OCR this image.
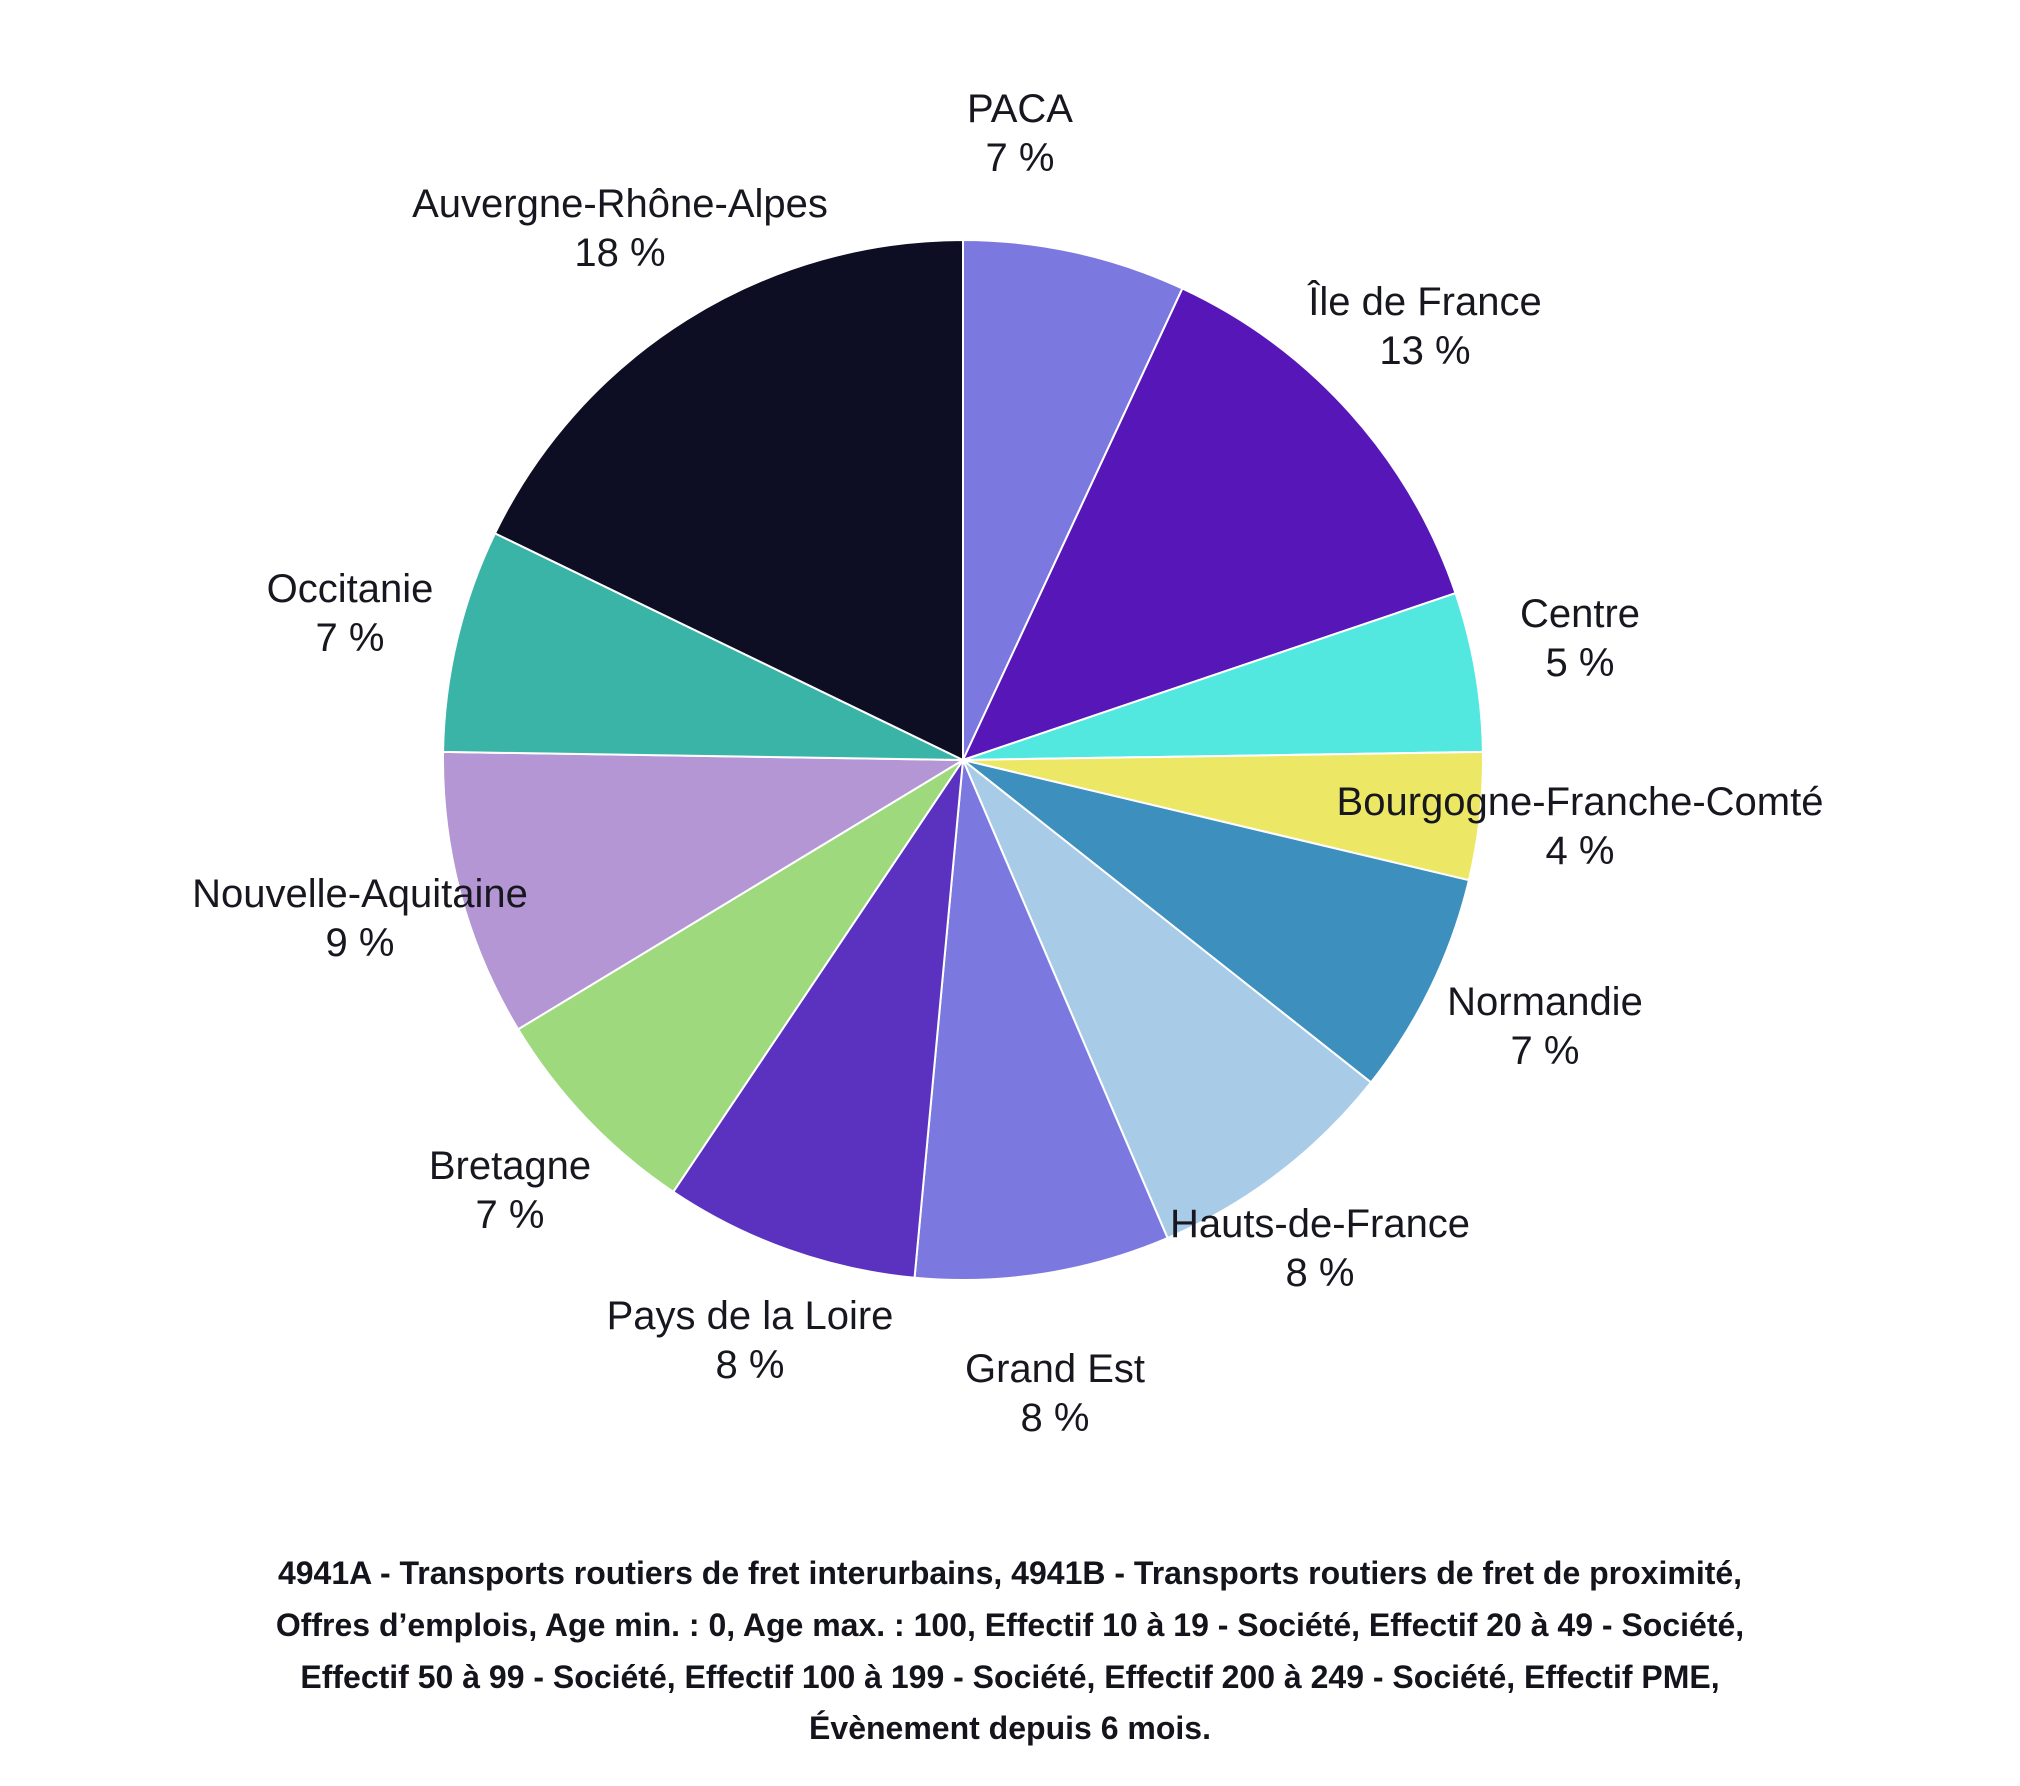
PACA
7 %
Île de France
13 %
Centre
5 %
Bourgogne-Franche-Comté
4 %
Normandie
7 %
Hauts-de-France
8 %
Grand Est
8 %
Pays de la Loire
8 %
Bretagne
7 %
Nouvelle-Aquitaine
9 %
Occitanie
7 %
Auvergne-Rhône-Alpes
18 %
4941A - Transports routiers de fret interurbains, 4941B - Transports routiers de fret de proximité,
Offres d’emplois, Age min. : 0, Age max. : 100, Effectif 10 à 19 - Société, Effectif 20 à 49 - Société,
Effectif 50 à 99 - Société, Effectif 100 à 199 - Société, Effectif 200 à 249 - Société, Effectif PME,
Évènement depuis 6 mois.
